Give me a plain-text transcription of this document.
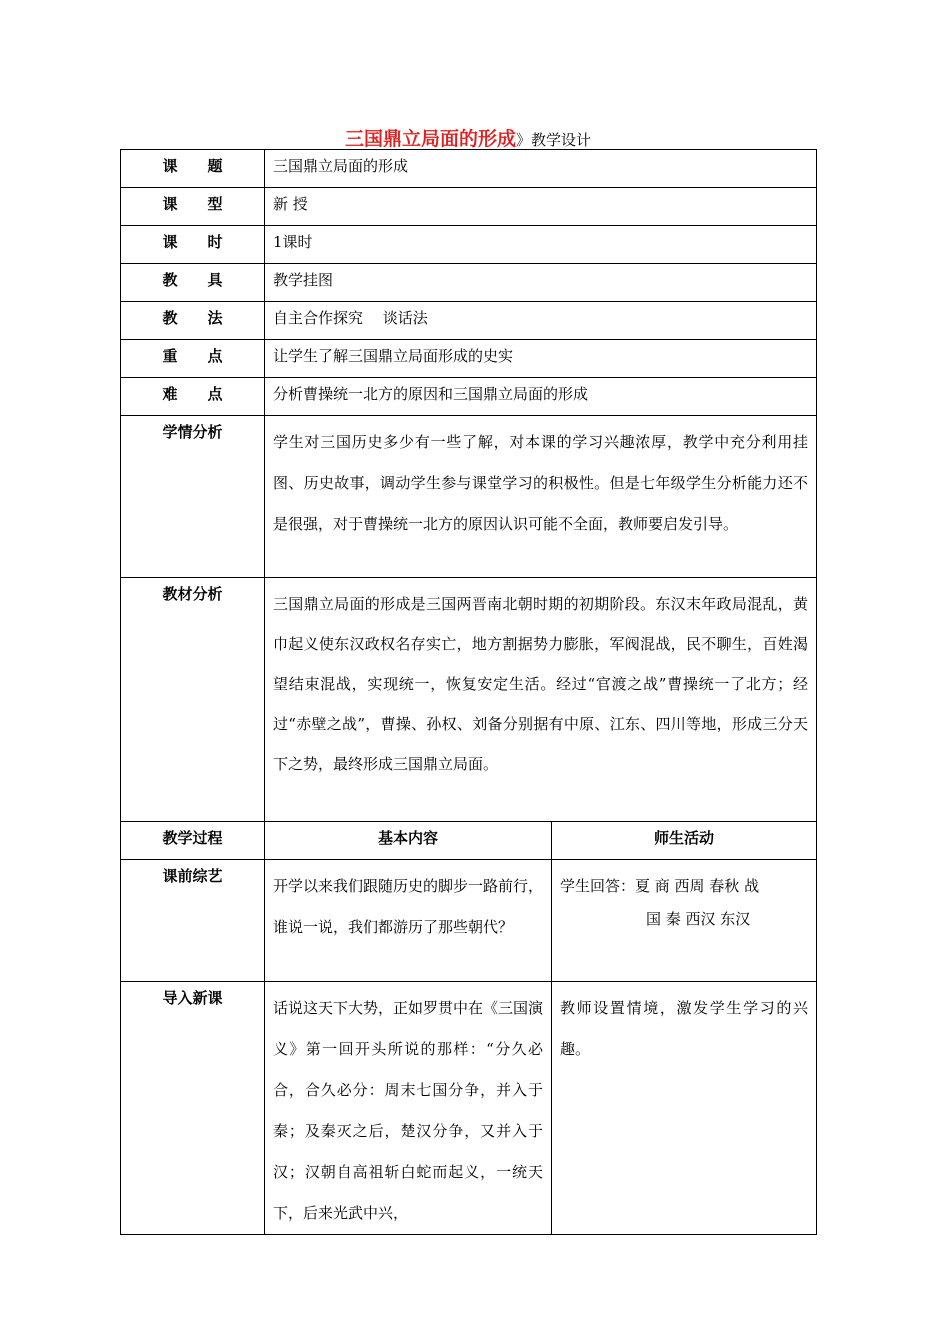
三国鼎立局面的形成》教学设计
课　　题	三国鼎立局面的形成	
课　　型	新 授	
课　　时	1课时	
教　　具	教学挂图	
教　　法	自主合作探究　 谈话法	
重　　点	让学生了解三国鼎立局面形成的史实	
难　　点	分析曹操统一北方的原因和三国鼎立局面的形成	
学情分析	学生对三国历史多少有一些了解，对本课的学习兴趣浓厚，教学中充分利用挂图、历史故事，调动学生参与课堂学习的积极性。但是七年级学生分析能力还不是很强，对于曹操统一北方的原因认识可能不全面，教师要启发引导。	
教材分析	三国鼎立局面的形成是三国两晋南北朝时期的初期阶段。东汉末年政局混乱，黄巾起义使东汉政权名存实亡，地方割据势力膨胀，军阀混战，民不聊生，百姓渴望结束混战，实现统一，恢复安定生活。经过“官渡之战”曹操统一了北方；经过“赤壁之战”，曹操、孙权、刘备分别据有中原、江东、四川等地，形成三分天下之势，最终形成三国鼎立局面。	
教学过程	基本内容	师生活动
课前综艺	开学以来我们跟随历史的脚步一路前行，谁说一说，我们都游历了那些朝代？	学生回答：夏 商 西周 春秋 战
国 秦 西汉 东汉

导入新课	话说这天下大势，正如罗贯中在《三国演义》第一回开头所说的那样：“分久必合，合久必分：周末七国分争，并入于秦；及秦灭之后，楚汉分争，又并入于汉；汉朝自高祖斩白蛇而起义，一统天下，后来光武中兴，	教师设置情境，激发学生学习的兴趣。
